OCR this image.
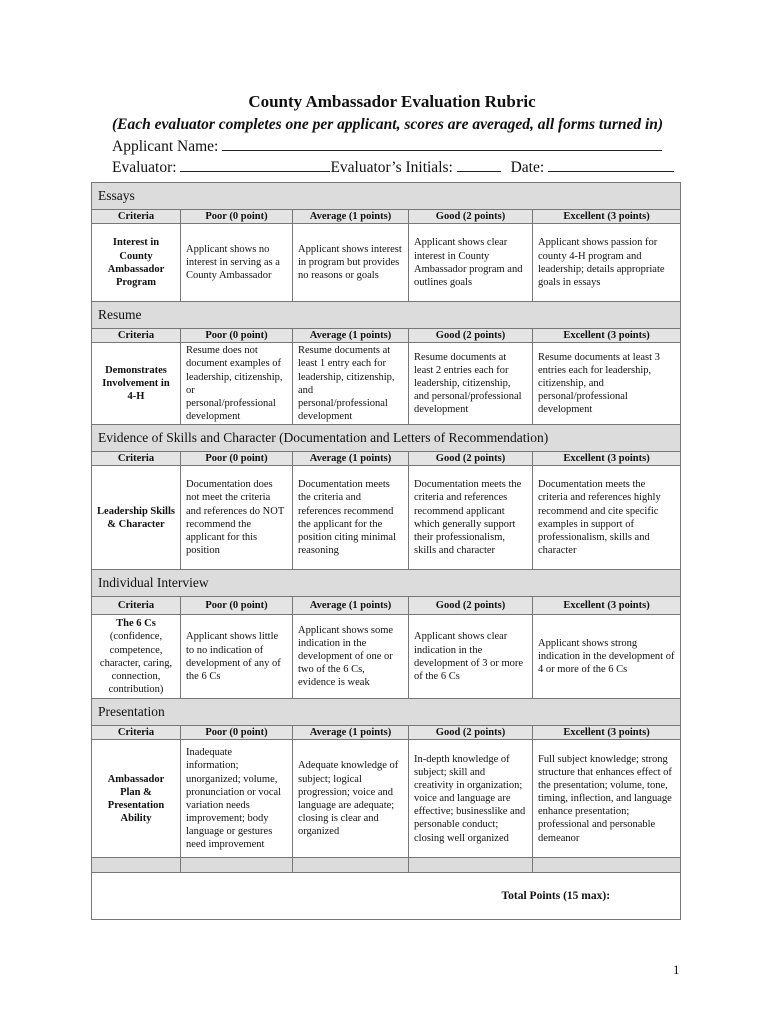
County Ambassador Evaluation Rubric
(Each evaluator completes one per applicant, scores are averaged, all forms turned in)
Applicant Name:
Evaluator:	Evaluator’s Initials:	Date:
Essays				
Criteria	Poor (0 point)	Average (1 points)	Good (2 points)	Excellent (3 points)
Interest in County Ambassador Program	Applicant shows no interest in serving as a County Ambassador	Applicant shows interest in program but provides no reasons or goals	Applicant shows clear interest in County Ambassador program and outlines goals	Applicant shows passion for county 4-H program and leadership; details appropriate goals in essays
Resume				
Criteria	Poor (0 point)	Average (1 points)	Good (2 points)	Excellent (3 points)
Demonstrates Involvement in 4-H	Resume does not document examples of leadership, citizenship, or personal/professional development	Resume documents at least 1 entry each for leadership, citizenship, and personal/professional development	Resume documents at least 2 entries each for leadership, citizenship, and personal/professional development	Resume documents at least 3 entries each for leadership, citizenship, and personal/professional development
Evidence of Skills and Character (Documentation and Letters of Recommendation)				
Criteria	Poor (0 point)	Average (1 points)	Good (2 points)	Excellent (3 points)
Leadership Skills & Character	Documentation does not meet the criteria and references do NOT recommend the applicant for this position	Documentation meets the criteria and references recommend the applicant for the position citing minimal reasoning	Documentation meets the criteria and references recommend applicant which generally support their professionalism, skills and character	Documentation meets the criteria and references highly recommend and cite specific examples in support of professionalism, skills and character
Individual Interview				
Criteria	Poor (0 point)	Average (1 points)	Good (2 points)	Excellent (3 points)

The 6 Cs
(confidence, competence, character, caring, connection, contribution)	Applicant shows little to no indication of development of any of the 6 Cs	Applicant shows some indication in the development of one or two of the 6 Cs, evidence is weak	Applicant shows clear indication in the development of 3 or more of the 6 Cs	Applicant shows strong indication in the development of 4 or more of the 6 Cs
Presentation				
Criteria	Poor (0 point)	Average (1 points)	Good (2 points)	Excellent (3 points)
Ambassador Plan & Presentation Ability	Inadequate information; unorganized; volume, pronunciation or vocal variation needs improvement; body language or gestures need improvement	Adequate knowledge of subject; logical progression; voice and language are adequate; closing is clear and organized	In-depth knowledge of subject; skill and creativity in organization; voice and language are effective; businesslike and personable conduct; closing well organized	Full subject knowledge; strong structure that enhances effect of the presentation; volume, tone, timing, inflection, and language enhance presentation; professional and personable demeanor

Total Points (15 max):				
1
